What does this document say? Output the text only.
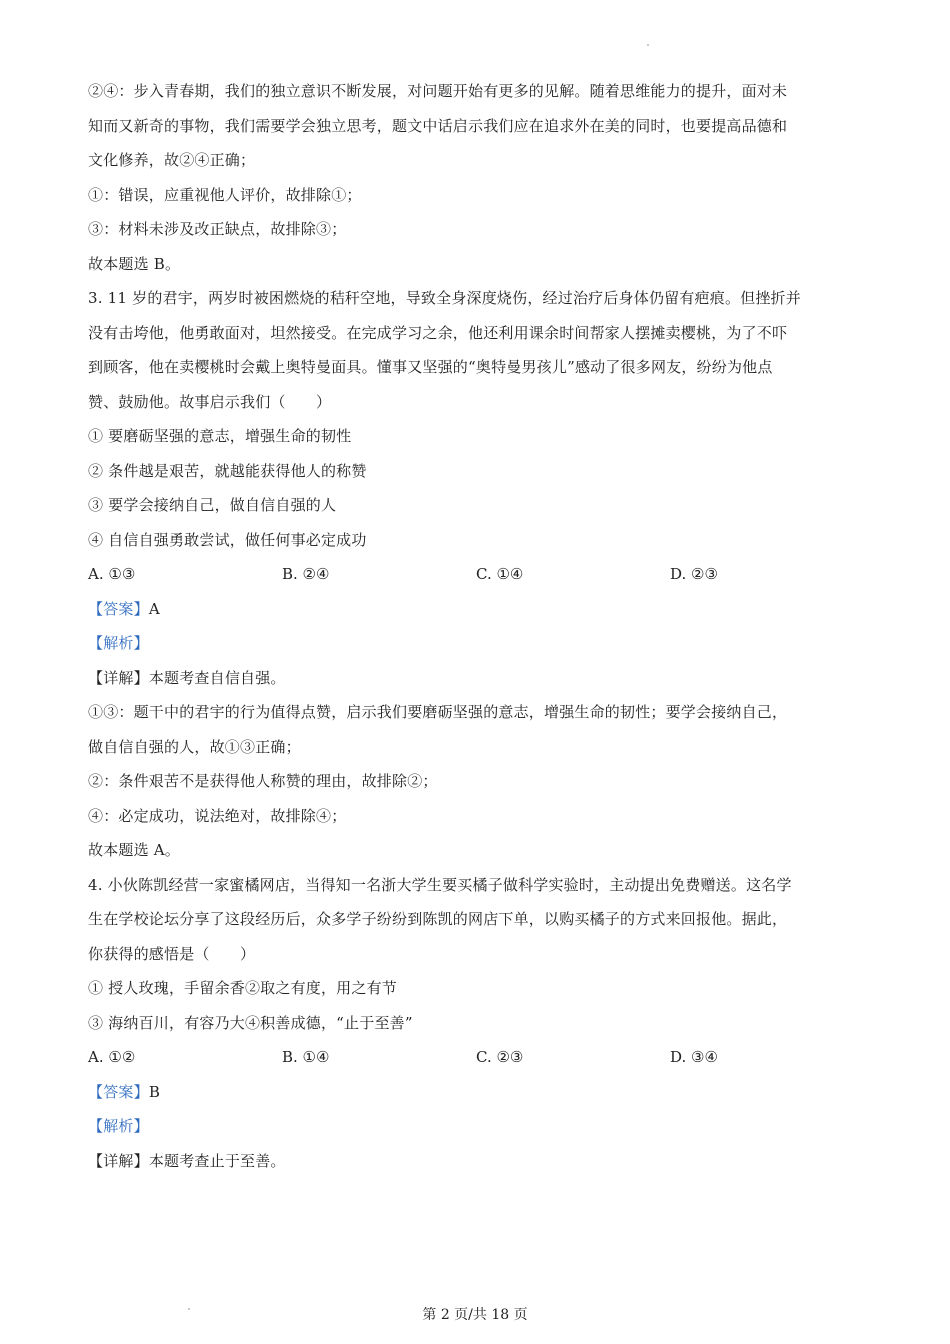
②④：步入青春期，我们的独立意识不断发展，对问题开始有更多的见解。随着思维能力的提升，面对未
知而又新奇的事物，我们需要学会独立思考，题文中话启示我们应在追求外在美的同时，也要提高品德和
文化修养，故②④正确；
①：错误，应重视他人评价，故排除①；
③：材料未涉及改正缺点，故排除③；
故本题选 B。
3. 11 岁的君宇，两岁时被困燃烧的秸秆空地，导致全身深度烧伤，经过治疗后身体仍留有疤痕。但挫折并
没有击垮他，他勇敢面对，坦然接受。在完成学习之余，他还利用课余时间帮家人摆摊卖樱桃，为了不吓
到顾客，他在卖樱桃时会戴上奥特曼面具。懂事又坚强的“奥特曼男孩儿”感动了很多网友，纷纷为他点
赞、鼓励他。故事启示我们（　　）
① 要磨砺坚强的意志，增强生命的韧性
② 条件越是艰苦，就越能获得他人的称赞
③ 要学会接纳自己，做自信自强的人
④ 自信自强勇敢尝试，做任何事必定成功
A. ①③	B. ②④	C. ①④	D. ②③
【答案】A
【解析】
【详解】本题考查自信自强。
①③：题干中的君宇的行为值得点赞，启示我们要磨砺坚强的意志，增强生命的韧性；要学会接纳自己，
做自信自强的人，故①③正确；
②：条件艰苦不是获得他人称赞的理由，故排除②；
④：必定成功，说法绝对，故排除④；
故本题选 A。
4. 小伙陈凯经营一家蜜橘网店，当得知一名浙大学生要买橘子做科学实验时，主动提出免费赠送。这名学
生在学校论坛分享了这段经历后，众多学子纷纷到陈凯的网店下单，以购买橘子的方式来回报他。据此，
你获得的感悟是（　　）
① 授人玫瑰，手留余香②取之有度，用之有节
③ 海纳百川，有容乃大④积善成德，“止于至善”
A. ①②	B. ①④	C. ②③	D. ③④
【答案】B
【解析】
【详解】本题考查止于至善。
第 2 页/共 18 页
